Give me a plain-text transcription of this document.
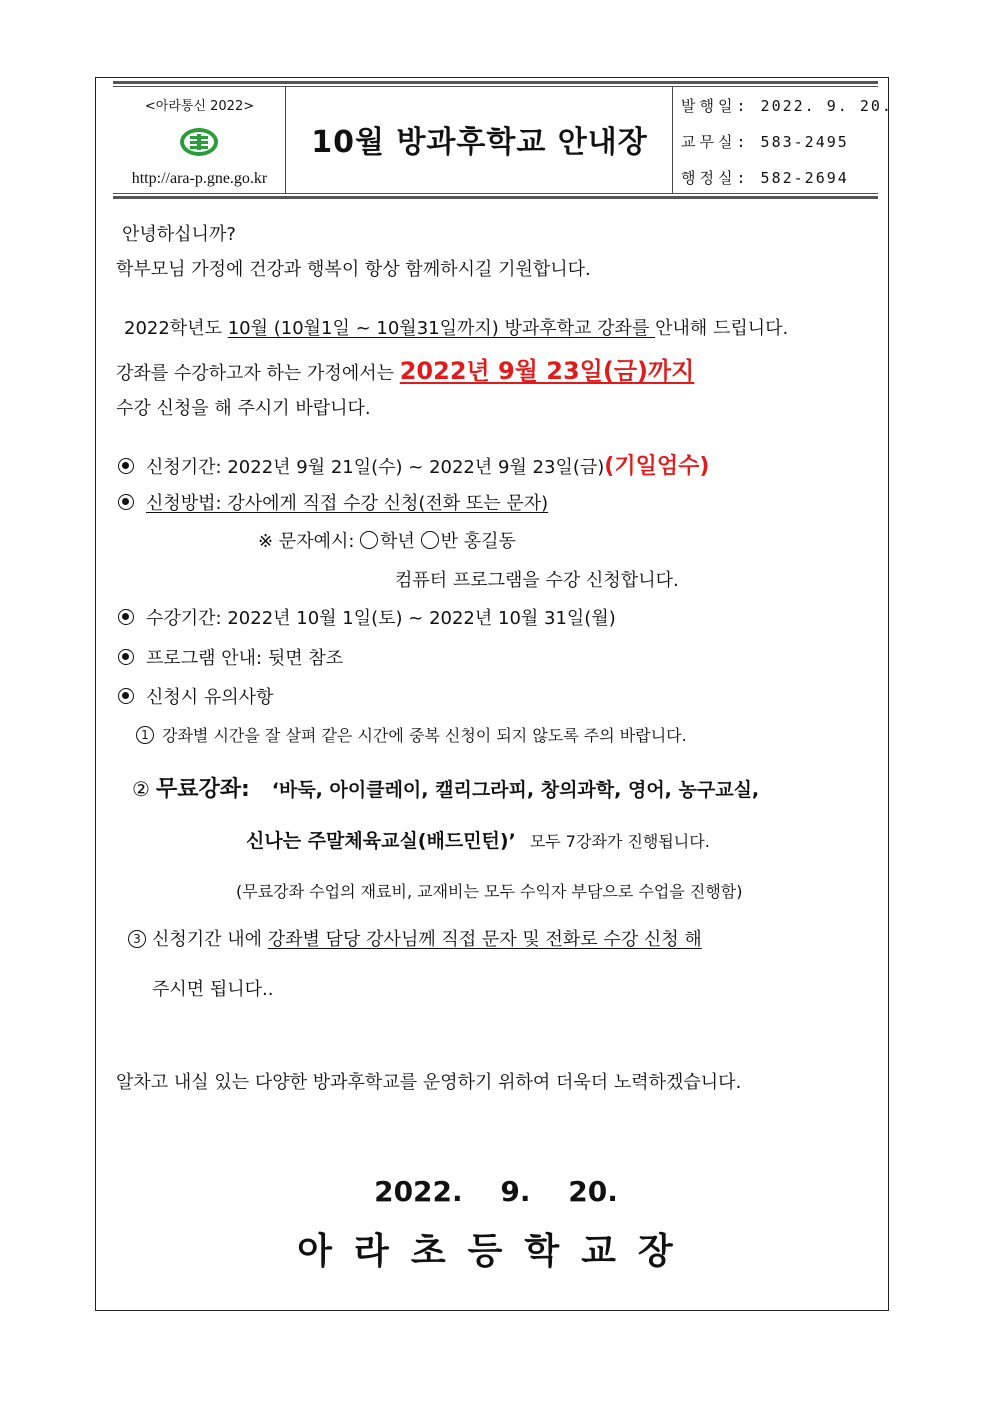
<아라통신 2022>
http://ara-p.gne.go.kr
10월 방과후학교 안내장
발행일: 2022. 9. 20.
교무실: 583-2495
행정실: 582-2694
안녕하십니까?
학부모님 가정에 건강과 행복이 항상 함께하시길 기원합니다.
2022학년도 10월 (10월1일 ~ 10월31일까지) 방과후학교 강좌를 안내해 드립니다.
강좌를 수강하고자 하는 가정에서는 2022년 9월 23일(금)까지
수강 신청을 해 주시기 바랍니다.
신청기간: 2022년 9월 21일(수) ~ 2022년 9월 23일(금)(기일엄수)
신청방법: 강사에게 직접 수강 신청(전화 또는 문자)
※ 문자예시: 학년 반 홍길동
컴퓨터 프로그램을 수강 신청합니다.
수강기간: 2022년 10월 1일(토) ~ 2022년 10월 31일(월)
프로그램 안내: 뒷면 참조
신청시 유의사항
1 강좌별 시간을 잘 살펴 같은 시간에 중복 신청이 되지 않도록 주의 바랍니다.
② 무료강좌: ‘바둑, 아이클레이, 캘리그라피, 창의과학, 영어, 농구교실,
신나는 주말체육교실(배드민턴)’ 모두 7강좌가 진행됩니다.
(무료강좌 수업의 재료비, 교재비는 모두 수익자 부담으로 수업을 진행함)
3 신청기간 내에 강좌별 담당 강사님께 직접 문자 및 전화로 수강 신청 해
주시면 됩니다..
알차고 내실 있는 다양한 방과후학교를 운영하기 위하여 더욱더 노력하겠습니다.
2022. 9. 20.
아라초등학교장
